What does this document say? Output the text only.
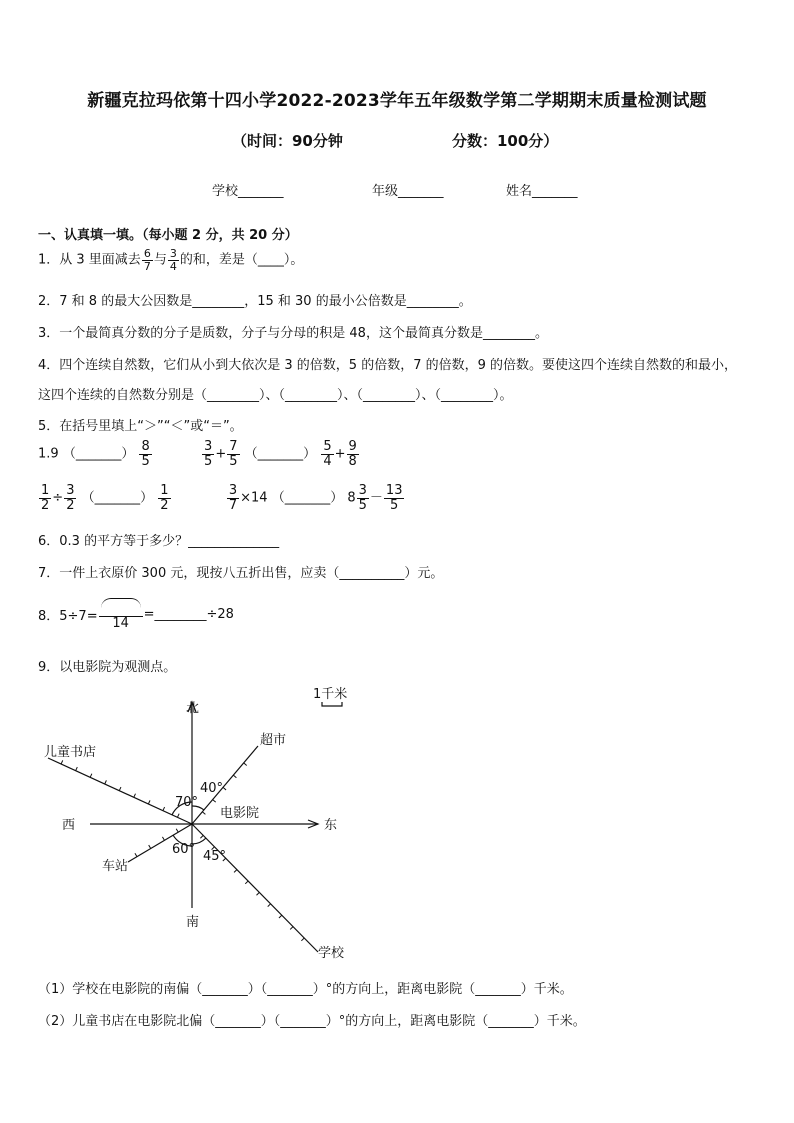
新疆克拉玛依第十四小学2022-2023学年五年级数学第二学期期末质量检测试题
（时间：90分钟	分数：100分）
学校_______	年级_______	姓名_______
一、认真填一填。（每小题 2 分，共 20 分）
1．从 3 里面减去 $\frac{6}{7}$ 与 $\frac{3}{4}$ 的和，差是（____）。
2．7 和 8 的最大公因数是________，15 和 30 的最小公倍数是________。
3．一个最简真分数的分子是质数，分子与分母的积是 48，这个最简真分数是________。
4．四个连续自然数，它们从小到大依次是 3 的倍数，5 的倍数，7 的倍数，9 的倍数。要使这四个连续自然数的和最小，
这四个连续的自然数分别是（________）、（________）、（________）、（________）。
5．在括号里填上“＞”“＜”或“＝”。
1.9 （_______） $\frac{8}{5}$
	$\frac{3}{5} + \frac{7}{5}$ （_______） $\frac{5}{4} + \frac{9}{8}$
$\frac{1}{2} \div \frac{3}{2}$ （_______） $\frac{1}{2}$
	$\frac{3}{7} \times 14$ （_______） $8 \frac{3}{5} - \frac{13}{5}$
6．0.3 的平方等于多少？______________
7．一件上衣原价 300 元，现按八五折出售，应卖（__________）元。
8．5÷7= 14
=________÷28
9．以电影院为观测点。
北
南
东
西
电影院
超市
儿童书店
车站
学校
40°
70°
60° 45°
1千米
（1）学校在电影院的南偏（_______）（_______）°的方向上，距离电影院（_______）千米。
（2）儿童书店在电影院北偏（_______）（_______）°的方向上，距离电影院（_______）千米。
